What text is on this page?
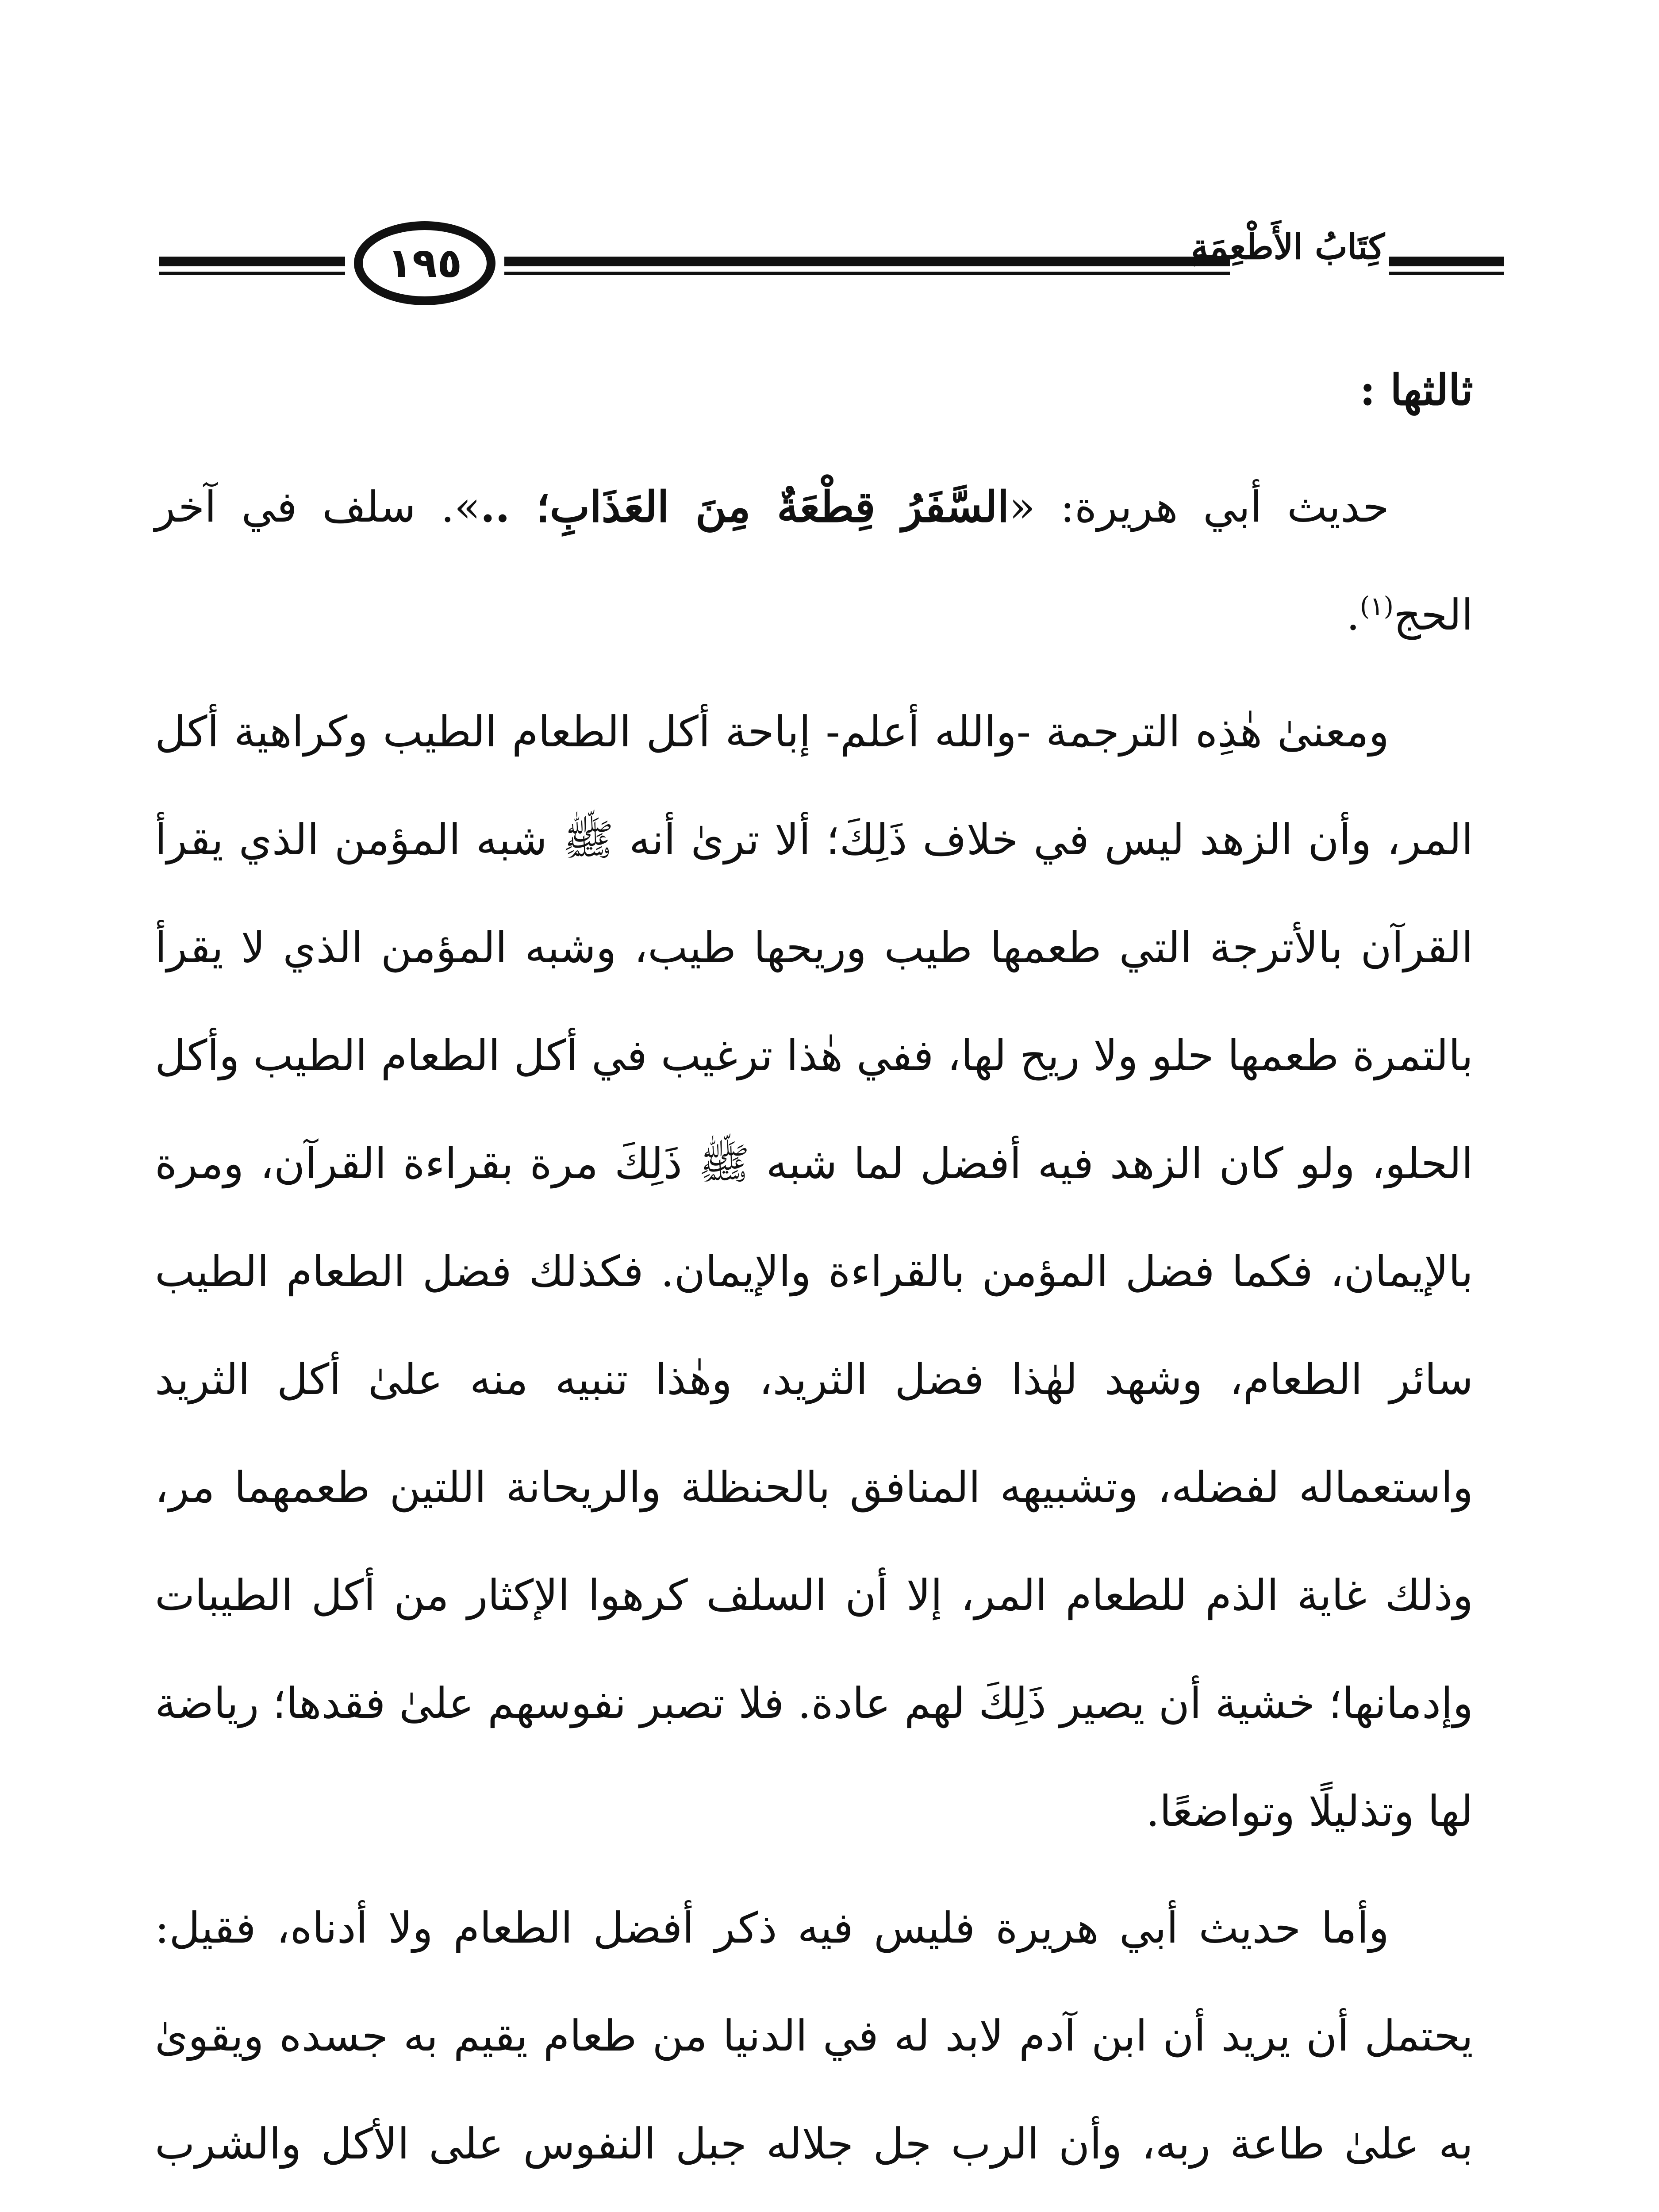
١٩٥	كِتَابُ الأَطْعِمَةِ

ثالثها :

حديث أبي هريرة: «السَّفَرُ قِطْعَةٌ مِنَ العَذَابِ؛ ..». سلف في آخر الحج$^{(١)}$.

ومعنىٰ هٰذِه الترجمة -والله أعلم- إباحة أكل الطعام الطيب وكراهية أكل المر، وأن الزهد ليس في خلاف ذَلِكَ؛ ألا ترىٰ أنه ﷺ شبه المؤمن الذي يقرأ القرآن بالأترجة التي طعمها طيب وريحها طيب، وشبه المؤمن الذي لا يقرأ بالتمرة طعمها حلو ولا ريح لها، ففي هٰذا ترغيب في أكل الطعام الطيب وأكل الحلو، ولو كان الزهد فيه أفضل لما شبه ﷺ ذَلِكَ مرة بقراءة القرآن، ومرة بالإيمان، فكما فضل المؤمن بالقراءة والإيمان. فكذلك فضل الطعام الطيب سائر الطعام، وشهد لهٰذا فضل الثريد، وهٰذا تنبيه منه علىٰ أكل الثريد واستعماله لفضله، وتشبيهه المنافق بالحنظلة والريحانة اللتين طعمهما مر، وذلك غاية الذم للطعام المر، إلا أن السلف كرهوا الإكثار من أكل الطيبات وإدمانها؛ خشية أن يصير ذَلِكَ لهم عادة. فلا تصبر نفوسهم علىٰ فقدها؛ رياضة لها وتذليلًا وتواضعًا.

وأما حديث أبي هريرة فليس فيه ذكر أفضل الطعام ولا أدناه، فقيل: يحتمل أن يريد أن ابن آدم لابد له في الدنيا من طعام يقيم به جسده ويقوىٰ به علىٰ طاعة ربه، وأن الرب جل جلاله جبل النفوس على الأكل والشرب
